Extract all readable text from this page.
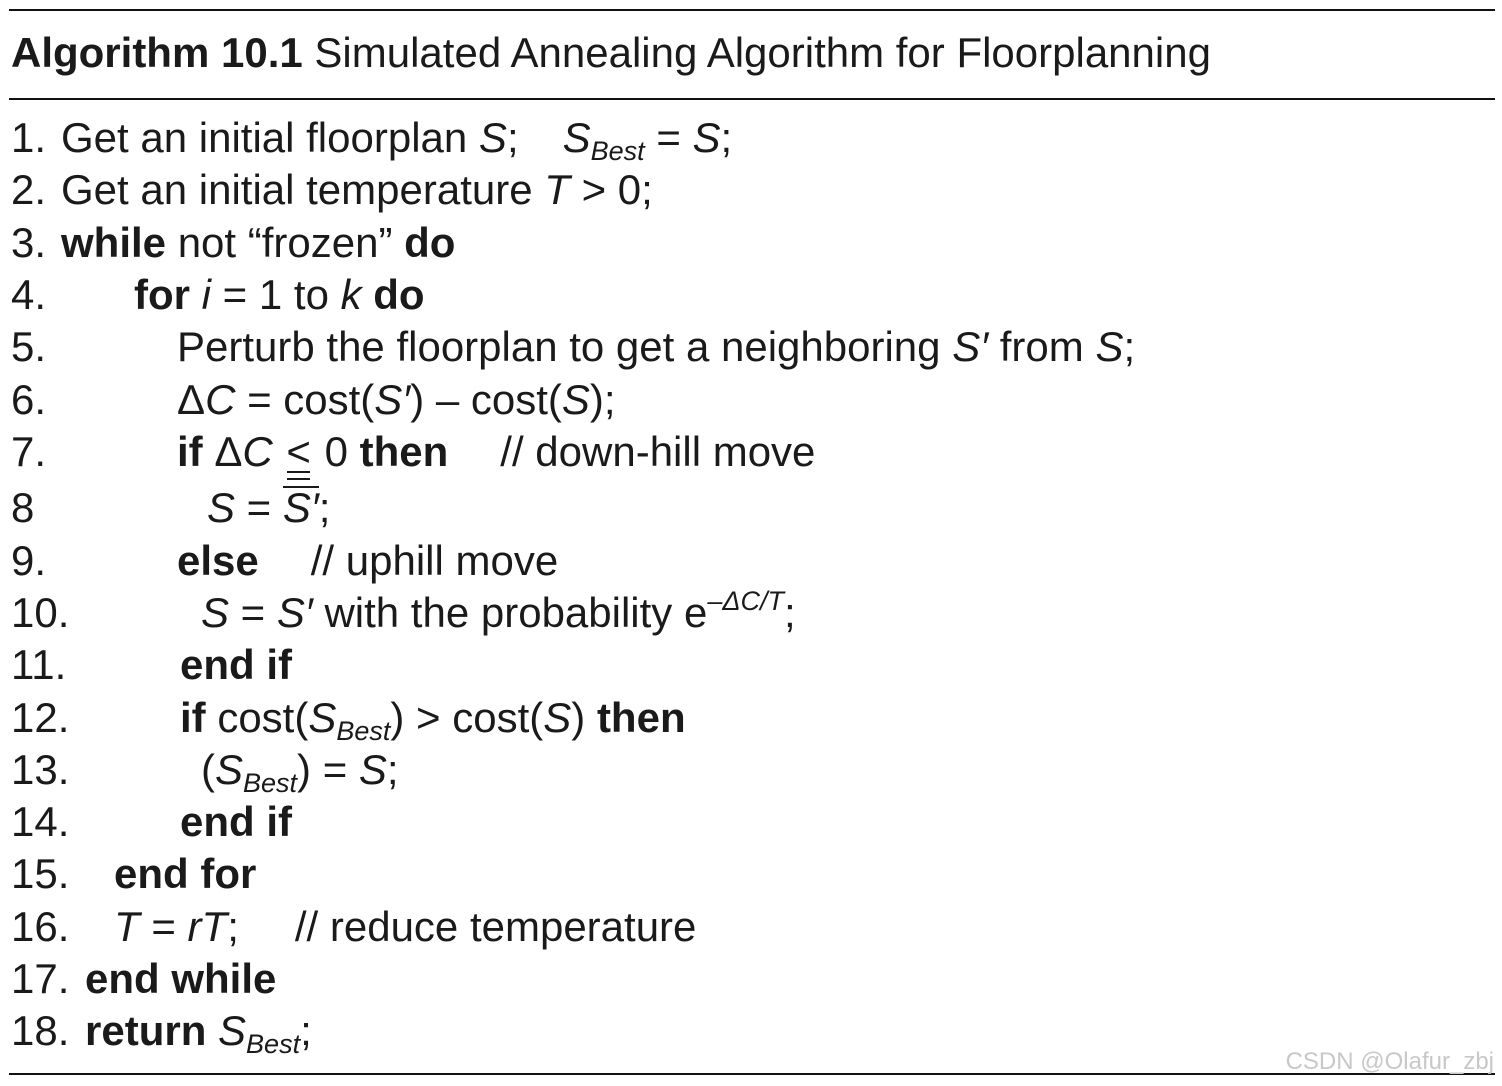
Algorithm 10.1 Simulated Annealing Algorithm for Floorplanning
1. Get an initial floorplan S; $S_{Best} = S$;
2. Get an initial temperature T > 0;
3. while not “frozen” do
4. for i = 1 to k do
5.	Perturb the floorplan to get a neighboring S′ from S;
6.	ΔC = cost(S′) – cost(S);
7.	if ΔC < 0 then // down-hill move
8	S = S′;
9.	else // uphill move
10.	S = S′ with the probability $e^{-\Delta C/T}$;
11.	end if
12.	if $\cos t(S_{Best}) > \cos t(S)$ then
13.	$(S_{Best}) = S$;
14.	end if
15. end for
16. T = rT; // reduce temperature
17. end while
18. return $S_{Best}$;
CSDN @Olafur_zbj
